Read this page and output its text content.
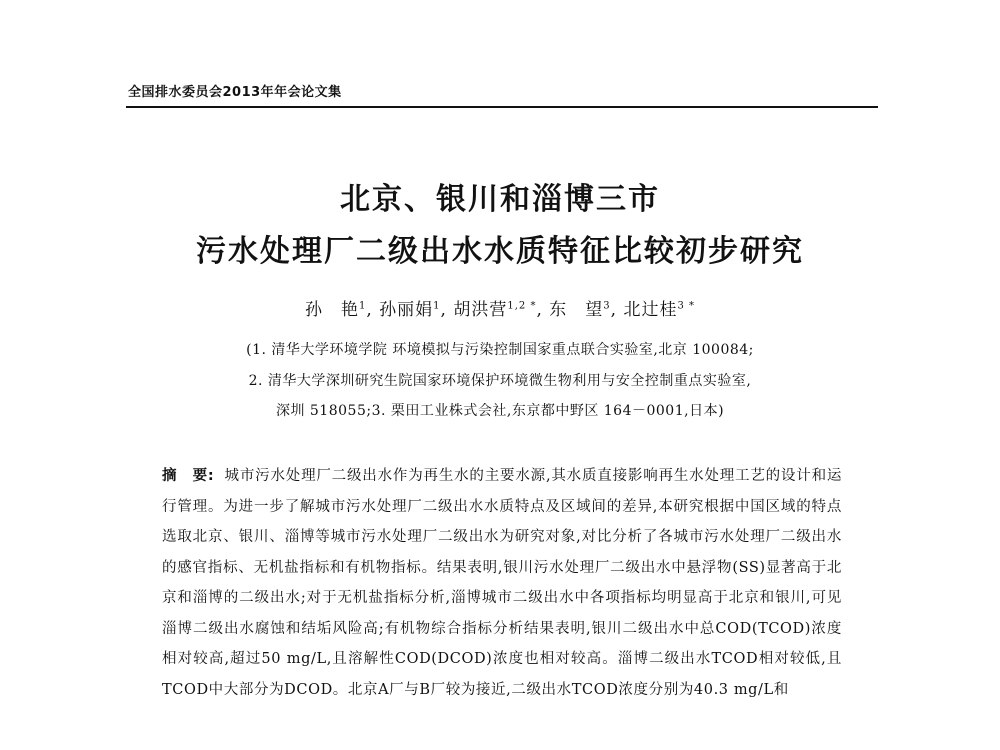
全国排水委员会2013年年会论文集
北京、银川和淄博三市
污水处理厂二级出水水质特征比较初步研究
孙　艳$^1$, 孙丽娟$^1$, 胡洪营$^{1,2 *}$, 东　望$^3$, 北辻桂$^{3 *}$
(1. 清华大学环境学院 环境模拟与污染控制国家重点联合实验室,北京 100084;
2. 清华大学深圳研究生院国家环境保护环境微生物利用与安全控制重点实验室,
深圳 518055;3. 栗田工业株式会社,东京都中野区 164－0001,日本)

摘　要: 城市污水处理厂二级出水作为再生水的主要水源,其水质直接影响再生水处理工艺的设计和运行管理。为进一步了解城市污水处理厂二级出水水质特点及区域间的差异,本研究根据中国区域的特点选取北京、银川、淄博等城市污水处理厂二级出水为研究对象,对比分析了各城市污水处理厂二级出水的感官指标、无机盐指标和有机物指标。结果表明,银川污水处理厂二级出水中悬浮物(SS)显著高于北京和淄博的二级出水;对于无机盐指标分析,淄博城市二级出水中各项指标均明显高于北京和银川,可见淄博二级出水腐蚀和结垢风险高;有机物综合指标分析结果表明,银川二级出水中总COD(TCOD)浓度相对较高,超过50 mg/L,且溶解性COD(DCOD)浓度也相对较高。淄博二级出水TCOD相对较低,且TCOD中大部分为DCOD。北京A厂与B厂较为接近,二级出水TCOD浓度分别为40.3 mg/L和
